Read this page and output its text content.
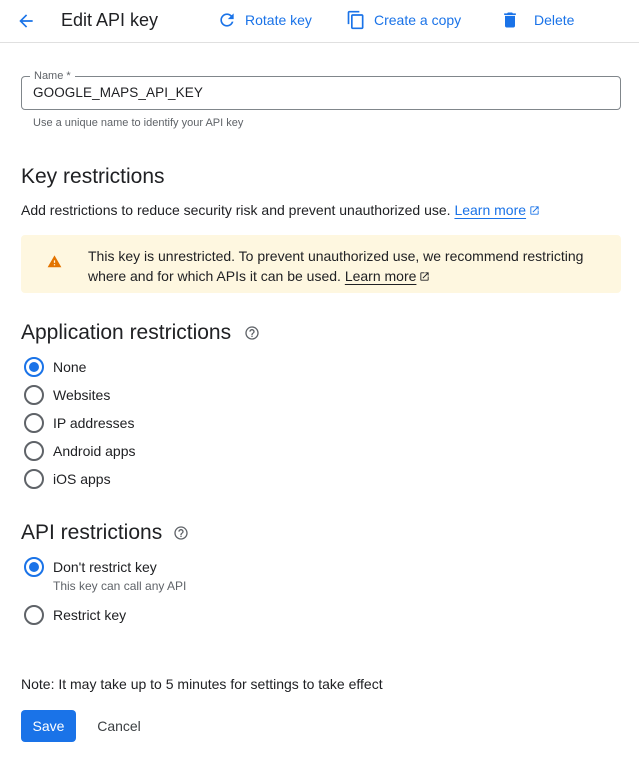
Edit API key	Rotate key	Create a copy	Delete
Name *
GOOGLE_MAPS_API_KEY
Use a unique name to identify your API key
Key restrictions
Add restrictions to reduce security risk and prevent unauthorized use. Learn more
This key is unrestricted. To prevent unauthorized use, we recommend restricting where and for which APIs it can be used. Learn more
Application restrictions
None
Websites
IP addresses
Android apps
iOS apps
API restrictions
Don't restrict key
This key can call any API
Restrict key
Note: It may take up to 5 minutes for settings to take effect
Save	Cancel
